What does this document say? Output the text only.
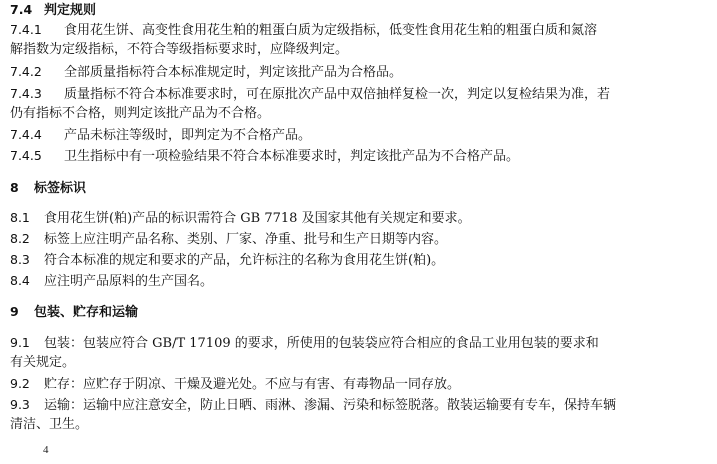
7.4 判定规则
7.4.1 食用花生饼、高变性食用花生粕的粗蛋白质为定级指标，低变性食用花生粕的粗蛋白质和氮溶
解指数为定级指标，不符合等级指标要求时，应降级判定。
7.4.2 全部质量指标符合本标准规定时，判定该批产品为合格品。
7.4.3 质量指标不符合本标准要求时，可在原批次产品中双倍抽样复检一次，判定以复检结果为准，若
仍有指标不合格，则判定该批产品为不合格。
7.4.4 产品未标注等级时，即判定为不合格产品。
7.4.5 卫生指标中有一项检验结果不符合本标准要求时，判定该批产品为不合格产品。
8 标签标识
8.1 食用花生饼(粕)产品的标识需符合 GB 7718 及国家其他有关规定和要求。
8.2 标签上应注明产品名称、类别、厂家、净重、批号和生产日期等内容。
8.3 符合本标准的规定和要求的产品，允许标注的名称为食用花生饼(粕)。
8.4 应注明产品原料的生产国名。
9 包装、贮存和运输
9.1 包装：包装应符合 GB/T 17109 的要求，所使用的包装袋应符合相应的食品工业用包装的要求和
有关规定。
9.2 贮存：应贮存于阴凉、干燥及避光处。不应与有害、有毒物品一同存放。
9.3 运输：运输中应注意安全，防止日晒、雨淋、渗漏、污染和标签脱落。散装运输要有专车，保持车辆
清洁、卫生。
4
